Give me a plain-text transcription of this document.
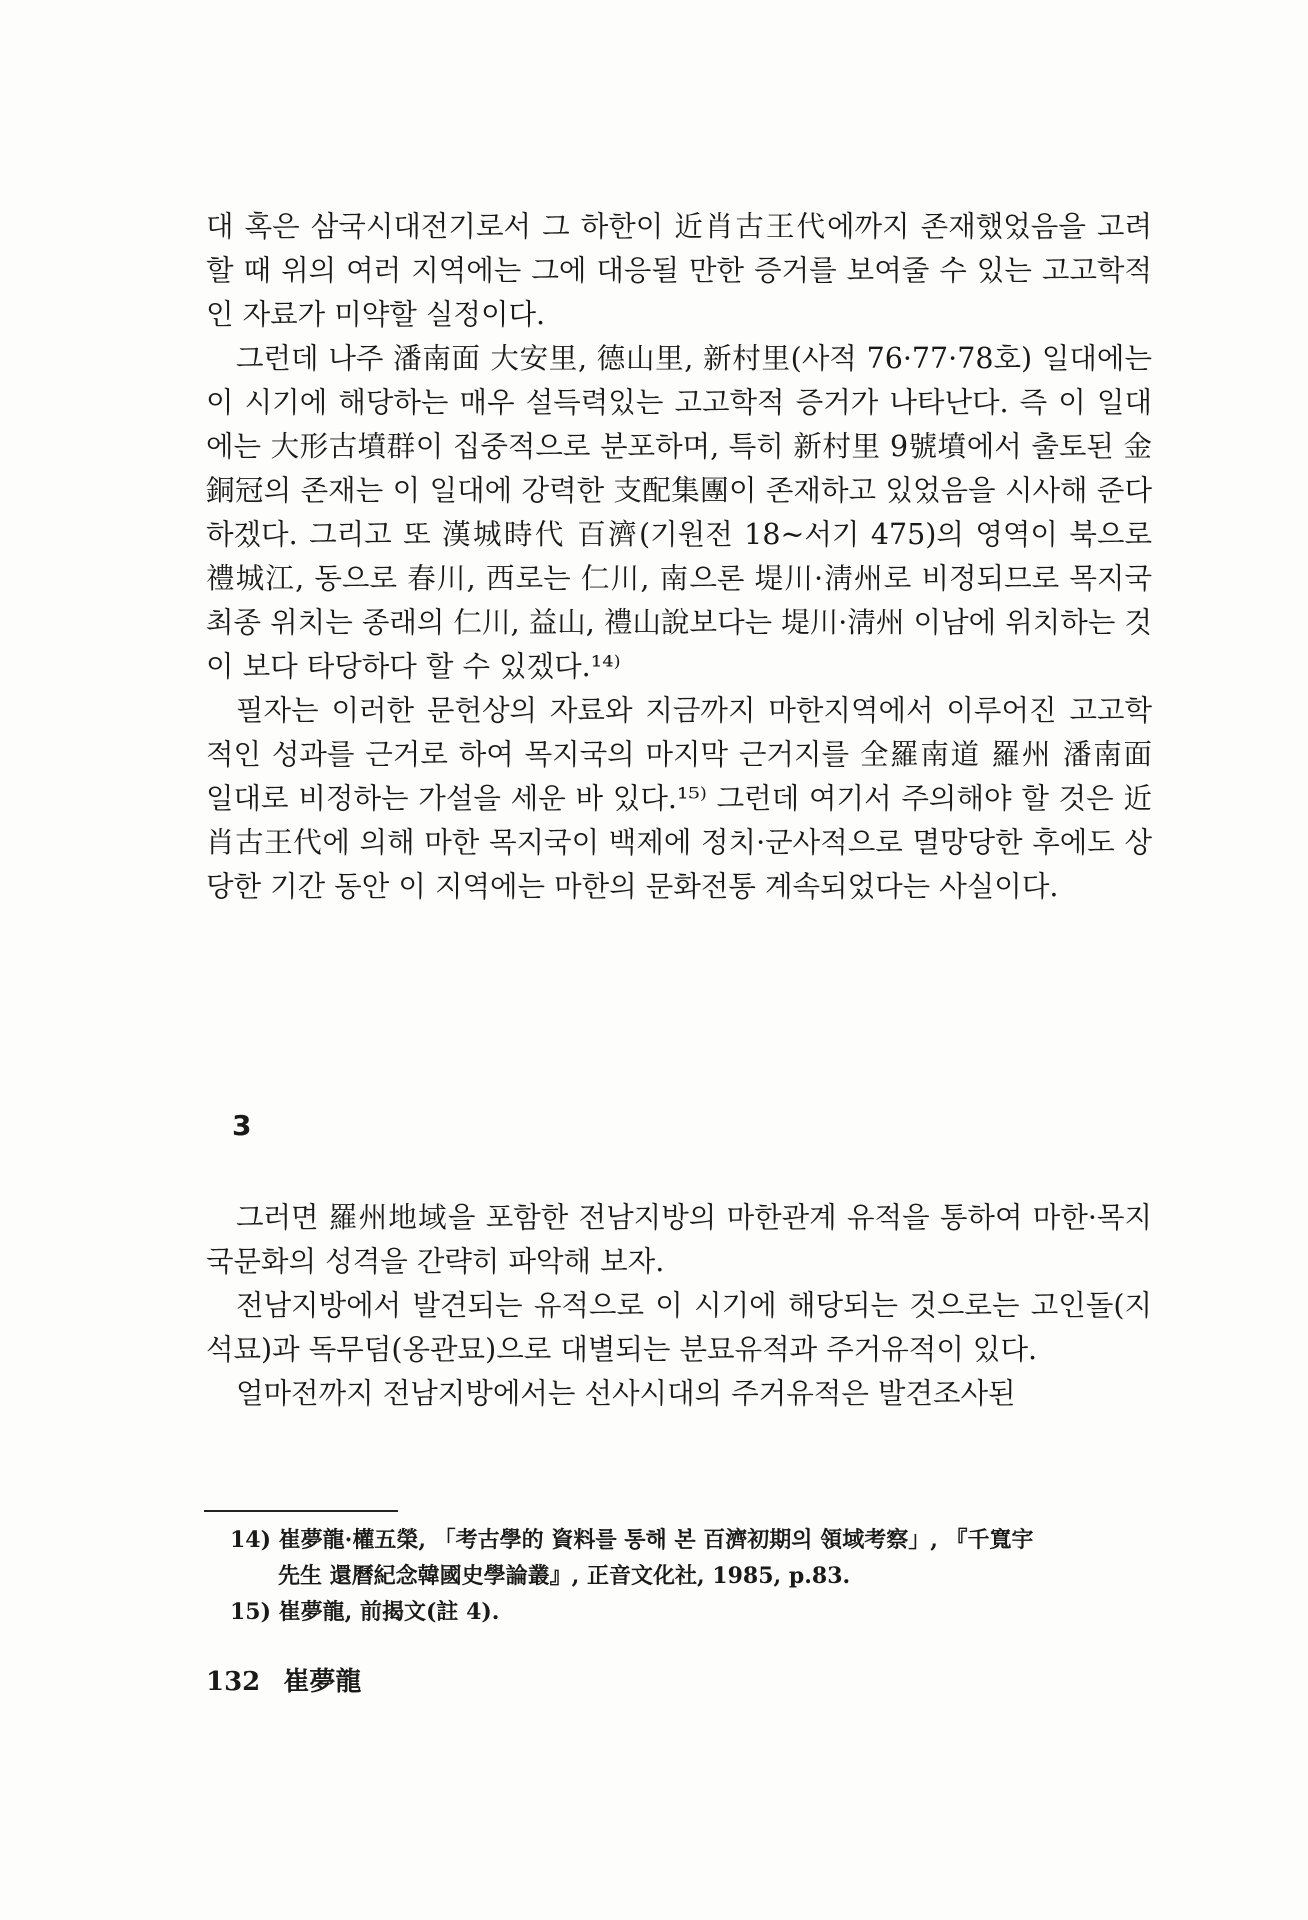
대 혹은 삼국시대전기로서 그 하한이 近肖古王代에까지 존재했었음을 고려할 때 위의 여러 지역에는 그에 대응될 만한 증거를 보여줄 수 있는 고고학적인 자료가 미약할 실정이다.

그런데 나주 潘南面 大安里, 德山里, 新村里(사적 76·77·78호) 일대에는 이 시기에 해당하는 매우 설득력있는 고고학적 증거가 나타난다. 즉 이 일대에는 大形古墳群이 집중적으로 분포하며, 특히 新村里 9號墳에서 출토된 金銅冠의 존재는 이 일대에 강력한 支配集團이 존재하고 있었음을 시사해 준다 하겠다. 그리고 또 漢城時代 百濟(기원전 18~서기 475)의 영역이 북으로 禮城江, 동으로 春川, 西로는 仁川, 南으론 堤川·淸州로 비정되므로 목지국 최종 위치는 종래의 仁川, 益山, 禮山說보다는 堤川·淸州 이남에 위치하는 것이 보다 타당하다 할 수 있겠다.¹⁴⁾

필자는 이러한 문헌상의 자료와 지금까지 마한지역에서 이루어진 고고학적인 성과를 근거로 하여 목지국의 마지막 근거지를 全羅南道 羅州 潘南面 일대로 비정하는 가설을 세운 바 있다.¹⁵⁾ 그런데 여기서 주의해야 할 것은 近肖古王代에 의해 마한 목지국이 백제에 정치·군사적으로 멸망당한 후에도 상당한 기간 동안 이 지역에는 마한의 문화전통 계속되었다는 사실이다.

3

그러면 羅州地域을 포함한 전남지방의 마한관계 유적을 통하여 마한·목지국문화의 성격을 간략히 파악해 보자.

전남지방에서 발견되는 유적으로 이 시기에 해당되는 것으로는 고인돌(지석묘)과 독무덤(옹관묘)으로 대별되는 분묘유적과 주거유적이 있다.

얼마전까지 전남지방에서는 선사시대의 주거유적은 발견조사된

14) 崔夢龍·權五榮, 「考古學的 資料를 통해 본 百濟初期의 領域考察」, 『千寬宇

先生 還曆紀念韓國史學論叢』, 正音文化社, 1985, p.83.

15) 崔夢龍, 前揭文(註 4).

132 崔夢龍
